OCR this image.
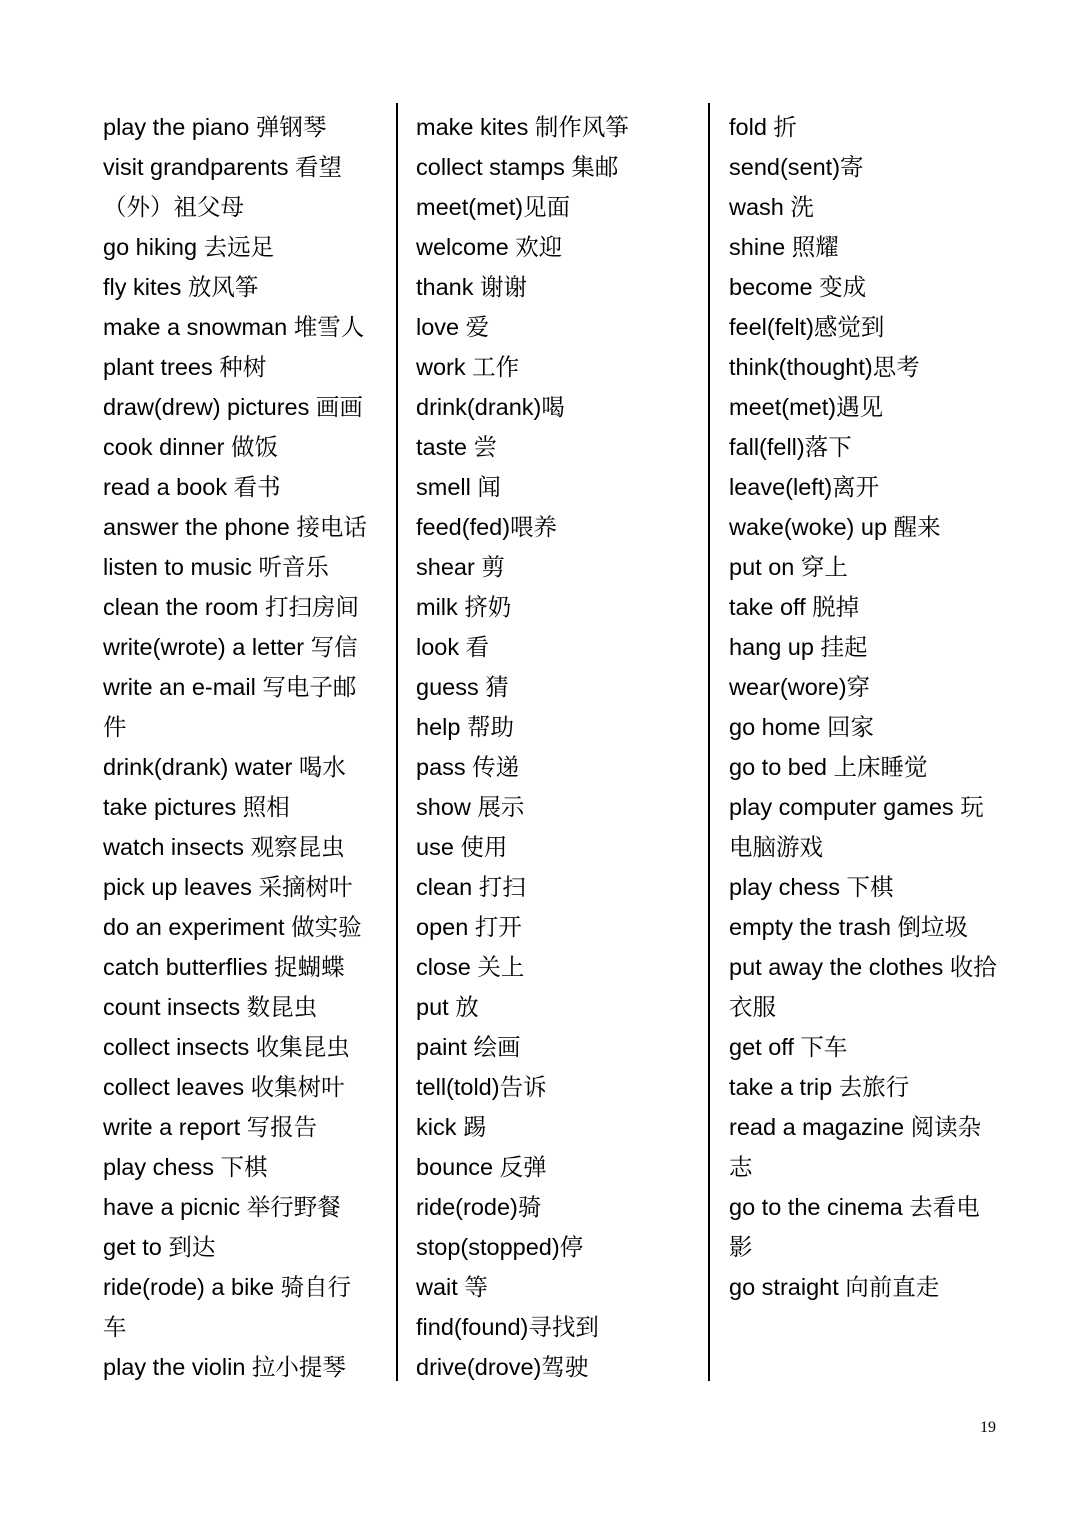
play the piano 弹钢琴
visit grandparents 看望
（外）祖父母
go hiking 去远足
fly kites 放风筝
make a snowman 堆雪人
plant trees 种树
draw(drew) pictures 画画
cook dinner 做饭
read a book 看书
answer the phone 接电话
listen to music 听音乐
clean the room 打扫房间
write(wrote) a letter 写信
write an e-mail 写电子邮
件
drink(drank) water 喝水
take pictures 照相
watch insects 观察昆虫
pick up leaves 采摘树叶
do an experiment 做实验
catch butterflies 捉蝴蝶
count insects 数昆虫
collect insects 收集昆虫
collect leaves 收集树叶
write a report 写报告
play chess 下棋
have a picnic 举行野餐
get to 到达
ride(rode) a bike 骑自行
车
play the violin 拉小提琴
make kites 制作风筝
collect stamps 集邮
meet(met)见面
welcome 欢迎
thank 谢谢
love 爱
work 工作
drink(drank)喝
taste 尝
smell 闻
feed(fed)喂养
shear 剪
milk 挤奶
look 看
guess 猜
help 帮助
pass 传递
show 展示
use 使用
clean 打扫
open 打开
close 关上
put 放
paint 绘画
tell(told)告诉
kick 踢
bounce 反弹
ride(rode)骑
stop(stopped)停
wait 等
find(found)寻找到
drive(drove)驾驶
fold 折
send(sent)寄
wash 洗
shine 照耀
become 变成
feel(felt)感觉到
think(thought)思考
meet(met)遇见
fall(fell)落下
leave(left)离开
wake(woke) up 醒来
put on 穿上
take off 脱掉
hang up 挂起
wear(wore)穿
go home 回家
go to bed 上床睡觉
play computer games 玩
电脑游戏
play chess 下棋
empty the trash 倒垃圾
put away the clothes 收拾
衣服
get off 下车
take a trip 去旅行
read a magazine 阅读杂
志
go to the cinema 去看电
影
go straight 向前直走
19
